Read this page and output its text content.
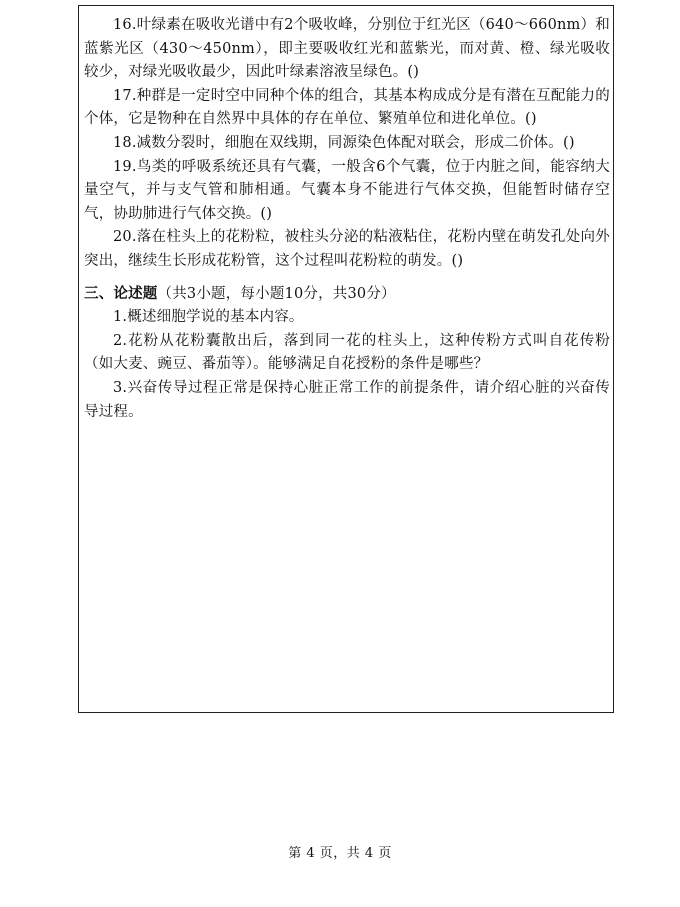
16.叶绿素在吸收光谱中有2个吸收峰，分别位于红光区（640～660nm）和蓝紫光区（430～450nm），即主要吸收红光和蓝紫光，而对黄、橙、绿光吸收较少，对绿光吸收最少，因此叶绿素溶液呈绿色。()

17.种群是一定时空中同种个体的组合，其基本构成成分是有潜在互配能力的个体，它是物种在自然界中具体的存在单位、繁殖单位和进化单位。()

18.减数分裂时，细胞在双线期，同源染色体配对联会，形成二价体。()

19.鸟类的呼吸系统还具有气囊，一般含6个气囊，位于内脏之间，能容纳大量空气，并与支气管和肺相通。气囊本身不能进行气体交换，但能暂时储存空气，协助肺进行气体交换。()

20.落在柱头上的花粉粒，被柱头分泌的粘液粘住，花粉内壁在萌发孔处向外突出，继续生长形成花粉管，这个过程叫花粉粒的萌发。()

三、论述题（共3小题，每小题10分，共30分）

1.概述细胞学说的基本内容。

2.花粉从花粉囊散出后，落到同一花的柱头上，这种传粉方式叫自花传粉（如大麦、豌豆、番茄等）。能够满足自花授粉的条件是哪些？

3.兴奋传导过程正常是保持心脏正常工作的前提条件，请介绍心脏的兴奋传导过程。

第 4 页，共 4 页
